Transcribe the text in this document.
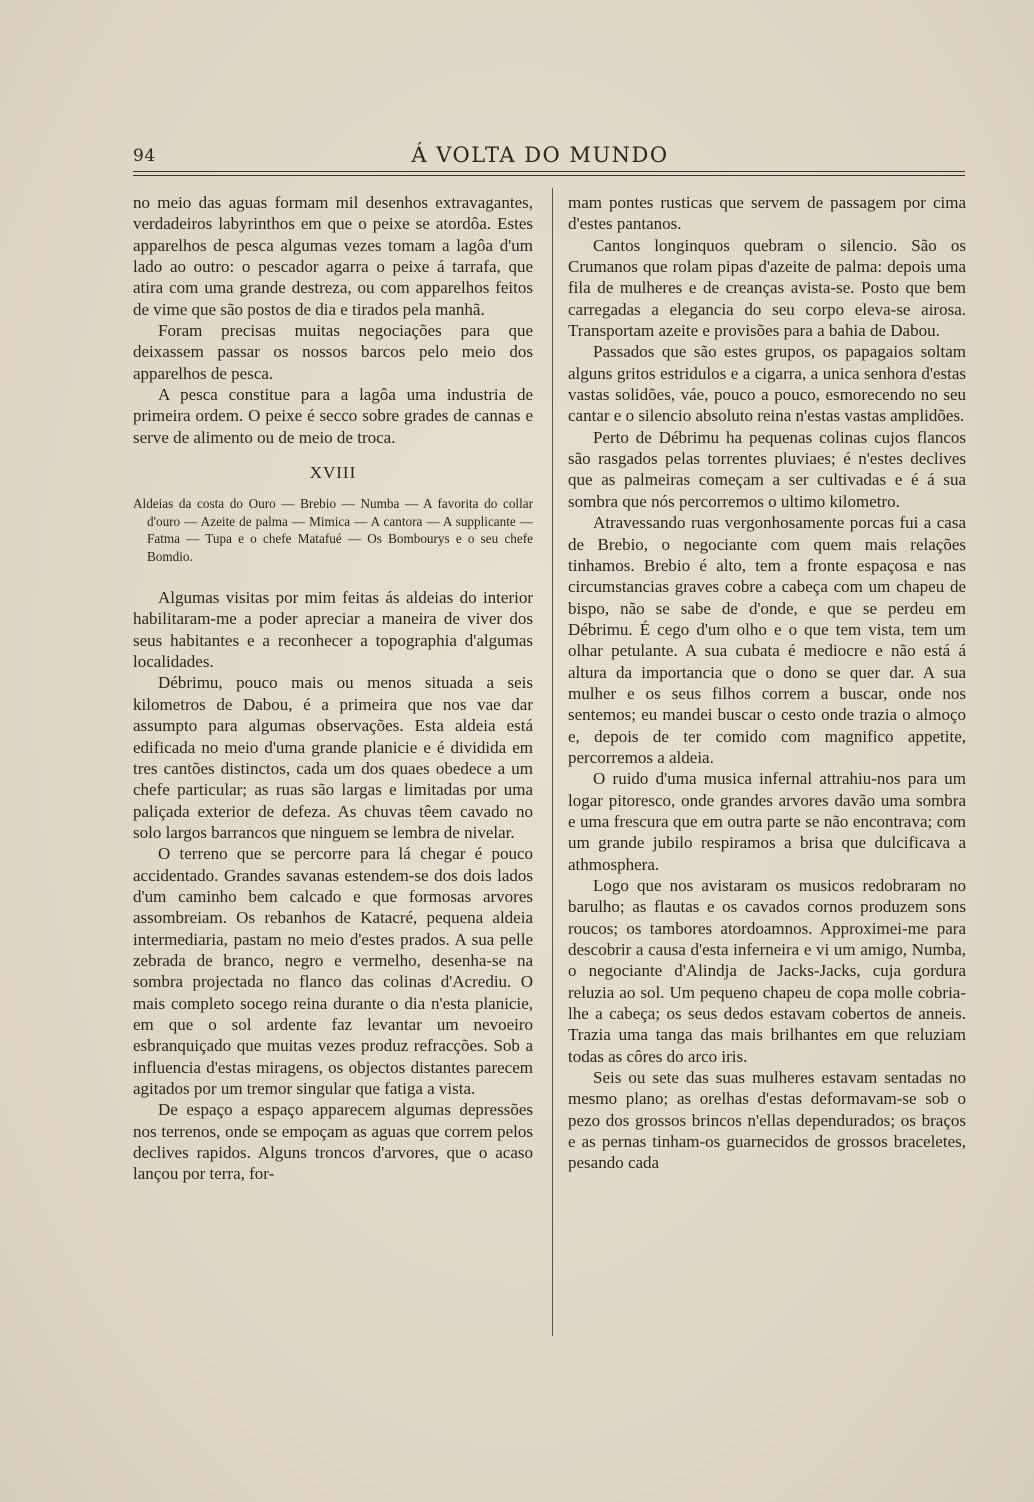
94	Á VOLTA DO MUNDO

no meio das aguas formam mil desenhos extravagantes, verdadeiros labyrinthos em que o peixe se atordôa. Estes apparelhos de pesca algumas vezes tomam a lagôa d'um lado ao outro: o pescador agarra o peixe á tarrafa, que atira com uma grande destreza, ou com apparelhos feitos de vime que são postos de dia e tirados pela manhã.

Foram precisas muitas negociações para que deixassem passar os nossos barcos pelo meio dos apparelhos de pesca.

A pesca constitue para a lagôa uma industria de primeira ordem. O peixe é secco sobre grades de cannas e serve de alimento ou de meio de troca.

XVIII
Aldeias da costa do Ouro — Brebio — Numba — A favorita do collar d'ouro — Azeite de palma — Mimica — A cantora — A supplicante — Fatma — Tupa e o chefe Matafué — Os Bombourys e o seu chefe Bomdio.

Algumas visitas por mim feitas ás aldeias do interior habilitaram-me a poder apreciar a maneira de viver dos seus habitantes e a reconhecer a topographia d'algumas localidades.

Débrimu, pouco mais ou menos situada a seis kilometros de Dabou, é a primeira que nos vae dar assumpto para algumas observações. Esta aldeia está edificada no meio d'uma grande planicie e é dividida em tres cantões distinctos, cada um dos quaes obedece a um chefe particular; as ruas são largas e limitadas por uma paliçada exterior de defeza. As chuvas têem cavado no solo largos barrancos que ninguem se lembra de nivelar.

O terreno que se percorre para lá chegar é pouco accidentado. Grandes savanas estendem-se dos dois lados d'um caminho bem calcado e que formosas arvores assombreiam. Os rebanhos de Katacré, pequena aldeia intermediaria, pastam no meio d'estes prados. A sua pelle zebrada de branco, negro e vermelho, desenha-se na sombra projectada no flanco das colinas d'Acrediu. O mais completo socego reina durante o dia n'esta planicie, em que o sol ardente faz levantar um nevoeiro esbranquiçado que muitas vezes produz refracções. Sob a influencia d'estas miragens, os objectos distantes parecem agitados por um tremor singular que fatiga a vista.

De espaço a espaço apparecem algumas depressões nos terrenos, onde se empoçam as aguas que correm pelos declives rapidos. Alguns troncos d'arvores, que o acaso lançou por terra, for-

mam pontes rusticas que servem de passagem por cima d'estes pantanos.

Cantos longinquos quebram o silencio. São os Crumanos que rolam pipas d'azeite de palma: depois uma fila de mulheres e de creanças avista-se. Posto que bem carregadas a elegancia do seu corpo eleva-se airosa. Transportam azeite e provisões para a bahia de Dabou.

Passados que são estes grupos, os papagaios soltam alguns gritos estridulos e a cigarra, a unica senhora d'estas vastas solidões, váe, pouco a pouco, esmorecendo no seu cantar e o silencio absoluto reina n'estas vastas amplidões.

Perto de Débrimu ha pequenas colinas cujos flancos são rasgados pelas torrentes pluviaes; é n'estes declives que as palmeiras começam a ser cultivadas e é á sua sombra que nós percorremos o ultimo kilometro.

Atravessando ruas vergonhosamente porcas fui a casa de Brebio, o negociante com quem mais relações tinhamos. Brebio é alto, tem a fronte espaçosa e nas circumstancias graves cobre a cabeça com um chapeu de bispo, não se sabe de d'onde, e que se perdeu em Débrimu. É cego d'um olho e o que tem vista, tem um olhar petulante. A sua cubata é mediocre e não está á altura da importancia que o dono se quer dar. A sua mulher e os seus filhos correm a buscar, onde nos sentemos; eu mandei buscar o cesto onde trazia o almoço e, depois de ter comido com magnifico appetite, percorremos a aldeia.

O ruido d'uma musica infernal attrahiu-nos para um logar pitoresco, onde grandes arvores davão uma sombra e uma frescura que em outra parte se não encontrava; com um grande jubilo respiramos a brisa que dulcificava a athmosphera.

Logo que nos avistaram os musicos redobraram no barulho; as flautas e os cavados cornos produzem sons roucos; os tambores atordoamnos. Approximei-me para descobrir a causa d'esta inferneira e vi um amigo, Numba, o negociante d'Alindja de Jacks-Jacks, cuja gordura reluzia ao sol. Um pequeno chapeu de copa molle cobria-lhe a cabeça; os seus dedos estavam cobertos de anneis. Trazia uma tanga das mais brilhantes em que reluziam todas as côres do arco iris.

Seis ou sete das suas mulheres estavam sentadas no mesmo plano; as orelhas d'estas deformavam-se sob o pezo dos grossos brincos n'ellas dependurados; os braços e as pernas tinham-os guarnecidos de grossos braceletes, pesando cada
